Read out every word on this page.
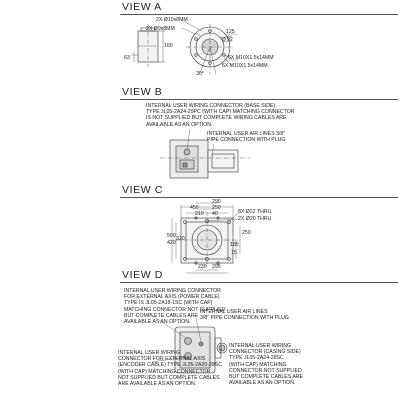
VIEW A
VIEW B
VIEW C
VIEW D
2X Ø10x8MM
2X Ø9x8MM	125
92
160
63	6X M10X1.5x14MM
6X M10X1.5x14MM
30°
INTERNAL USER WIRING CONNECTOR (BASE SIDE)
TYPE JL05-2A24-29PC (WITH CAP) MATCHING CONNECTOR
IS NOT SUPPLIED BUT COMPLETE WIRING CABLES ARE
AVAILABLE AS AN OPTION.
INTERNAL USER AIR LINES 3/8"
PIPE CONNECTION WITH PLUG
450
290
250
210 40
500
420
320
8X Ø22 THRU
2X Ø20 THRU
250
185
15
230 295
INTERNAL USER WIRING CONNECTOR
FOR EXTERNAL AXIS (POWER CABLE)
TYPE IS JL05-2A18-1SC (WITH CAP)
MATCHING CONNECTOR NOT SUPPLIED
BUT COMPLETE CABLES ARE
AVAILABLE AS AN OPTION.
INTERNAL USER AIR LINES
3/8" PIPE CONNECTION WITH PLUG
INTERNAL USER WIRING
CONNECTOR FOR EXTERNAL AXIS
(ENCODER CABLE) TYPE JL05-2A20-29SC
(WITH CAP) MATCHING CONNECTOR
NOT SUPPLIED BUT COMPLETE CABLES
ARE AVAILABLE AS AN OPTION.
INTERNAL USER WIRING
CONNECTOR (CASING SIDE)
TYPE JL05-2A24-28SC
(WITH CAP) MATCHING
CONNECTOR NOT SUPPLIED
BUT COMPLETE CABLES ARE
AVAILABLE AS AN OPTION.
